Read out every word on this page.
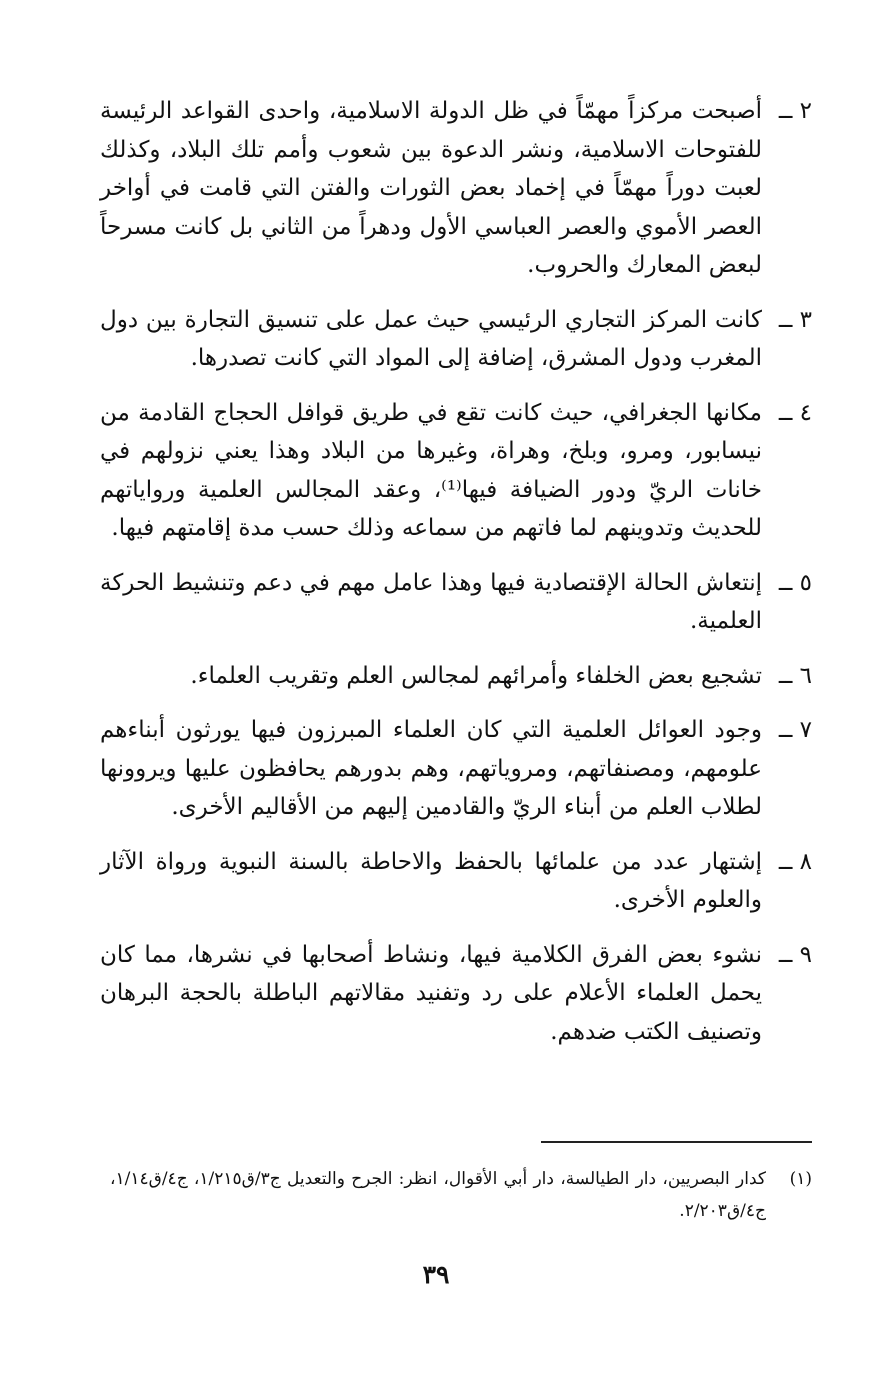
٢ ــ
أصبحت مركزاً مهمّاً في ظل الدولة الاسلامية، واحدى القواعد الرئيسة للفتوحات الاسلامية، ونشر الدعوة بين شعوب وأمم تلك البلاد، وكذلك لعبت دوراً مهمّاً في إخماد بعض الثورات والفتن التي قامت في أواخر العصر الأموي والعصر العباسي الأول ودهراً من الثاني بل كانت مسرحاً لبعض المعارك والحروب.
٣ ــ
كانت المركز التجاري الرئيسي حيث عمل على تنسيق التجارة بين دول المغرب ودول المشرق، إضافة إلى المواد التي كانت تصدرها.
٤ ــ
مكانها الجغرافي، حيث كانت تقع في طريق قوافل الحجاج القادمة من نيسابور، ومرو، وبلخ، وهراة، وغيرها من البلاد وهذا يعني نزولهم في خانات الريّ ودور الضيافة فيها⁽¹⁾، وعقد المجالس العلمية ورواياتهم للحديث وتدوينهم لما فاتهم من سماعه وذلك حسب مدة إقامتهم فيها.
٥ ــ
إنتعاش الحالة الإقتصادية فيها وهذا عامل مهم في دعم وتنشيط الحركة العلمية.
٦ ــ
تشجيع بعض الخلفاء وأمرائهم لمجالس العلم وتقريب العلماء.
٧ ــ
وجود العوائل العلمية التي كان العلماء المبرزون فيها يورثون أبناءهم علومهم، ومصنفاتهم، ومروياتهم، وهم بدورهم يحافظون عليها ويروونها لطلاب العلم من أبناء الريّ والقادمين إليهم من الأقاليم الأخرى.
٨ ــ
إشتهار عدد من علمائها بالحفظ والاحاطة بالسنة النبوية ورواة الآثار والعلوم الأخرى.
٩ ــ
نشوء بعض الفرق الكلامية فيها، ونشاط أصحابها في نشرها، مما كان يحمل العلماء الأعلام على رد وتفنيد مقالاتهم الباطلة بالحجة البرهان وتصنيف الكتب ضدهم.
(١)
كدار البصريين، دار الطيالسة، دار أبي الأقوال، انظر: الجرح والتعديل ج٣/ق١/٢١٥، ج٤/ق١/١٤، ج٤/ق٢/٢٠٣.
٣٩
